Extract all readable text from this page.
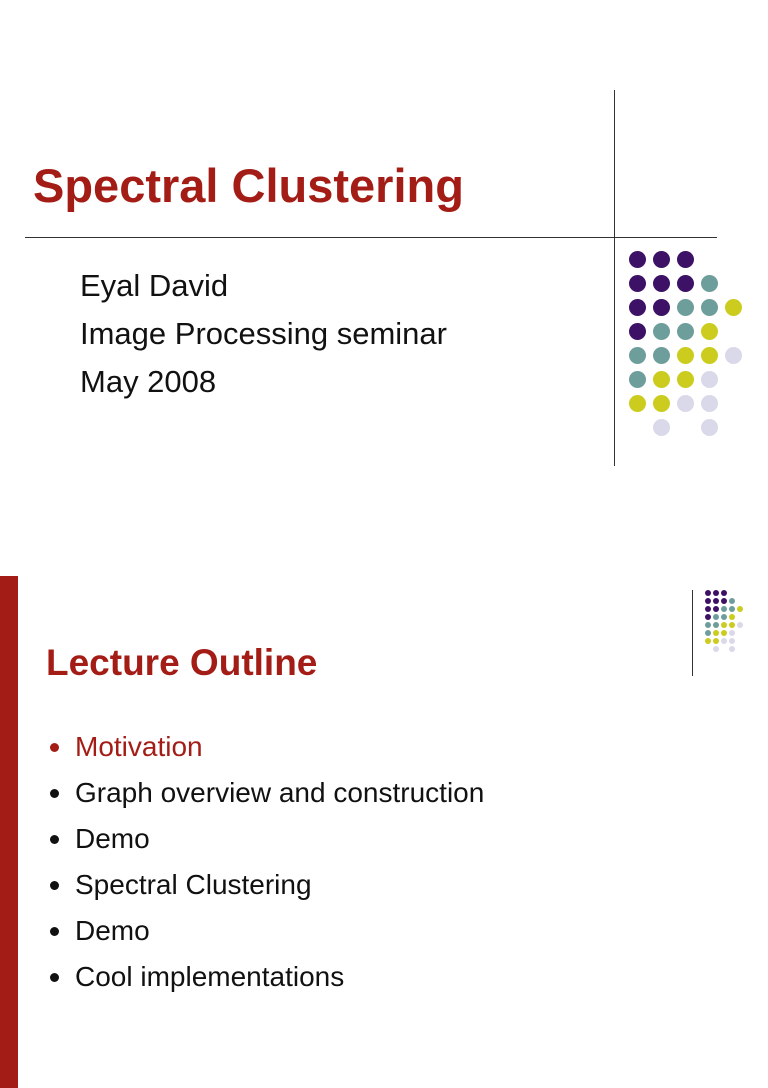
Spectral Clustering
Eyal David
Image Processing seminar
May 2008
Lecture Outline
Motivation
Graph overview and construction
Demo
Spectral Clustering
Demo
Cool implementations
